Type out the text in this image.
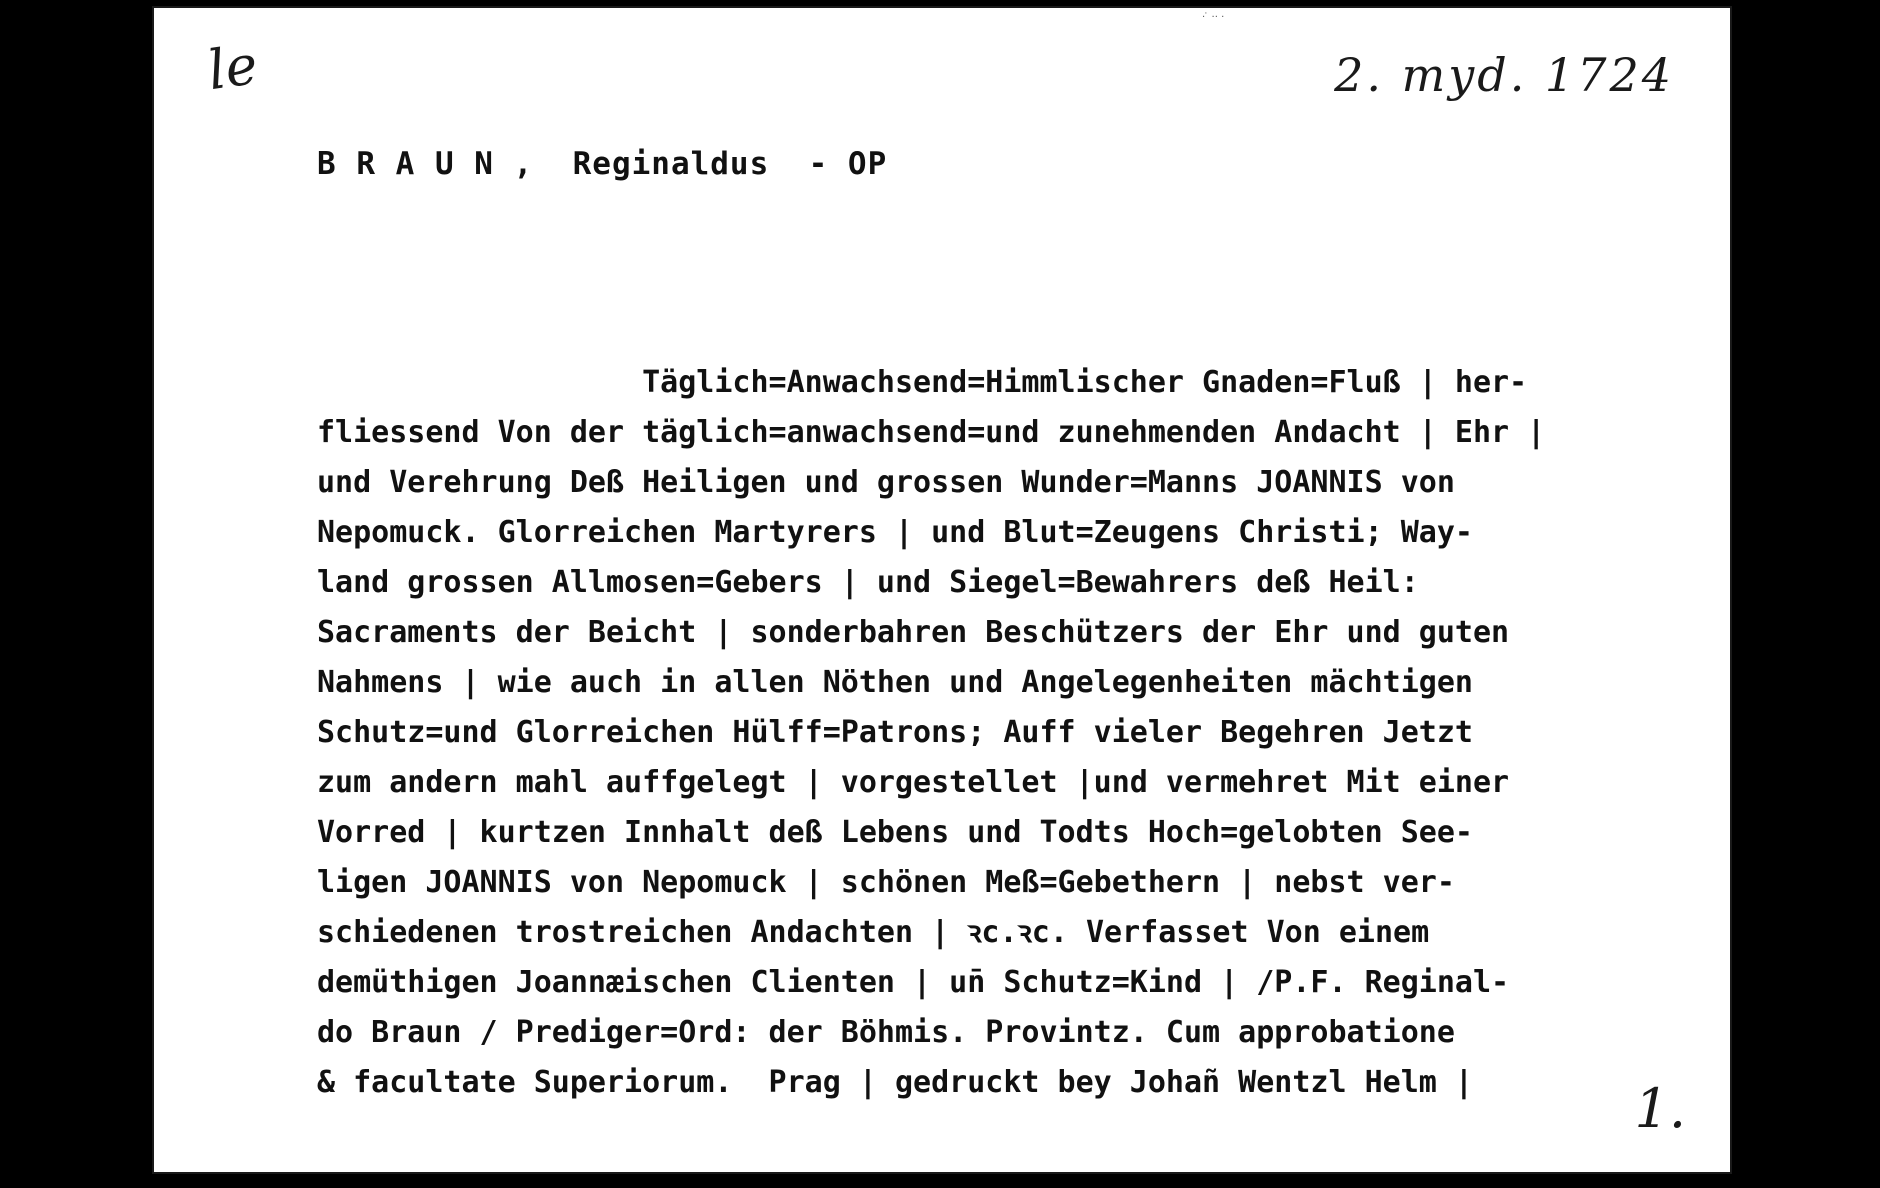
le	2. myd. 1724
· ̇ ·· ·
B R A U N ,  Reginaldus  - OP
Täglich=Anwachsend=Himmlischer Gnaden=Fluß | her-
fliessend Von der täglich=anwachsend=und zunehmenden Andacht | Ehr |
und Verehrung Deß Heiligen und grossen Wunder=Manns JOANNIS von
Nepomuck. Glorreichen Martyrers | und Blut=Zeugens Christi; Way-
land grossen Allmosen=Gebers | und Siegel=Bewahrers deß Heil:
Sacraments der Beicht | sonderbahren Beschützers der Ehr und guten
Nahmens | wie auch in allen Nöthen und Angelegenheiten mächtigen
Schutz=und Glorreichen Hülff=Patrons; Auff vieler Begehren Jetzt
zum andern mahl auffgelegt | vorgestellet |und vermehret Mit einer
Vorred | kurtzen Innhalt deß Lebens und Todts Hoch=gelobten See-
ligen JOANNIS von Nepomuck | schönen Meß=Gebethern | nebst ver-
schiedenen trostreichen Andachten | ꝛc.ꝛc. Verfasset Von einem
demüthigen Joannæischen Clienten | un̄ Schutz=Kind | /P.F. Reginal-
do Braun / Prediger=Ord: der Böhmis. Provintz. Cum approbatione
& facultate Superiorum.  Prag | gedruckt bey Johañ Wentzl Helm |	1.
